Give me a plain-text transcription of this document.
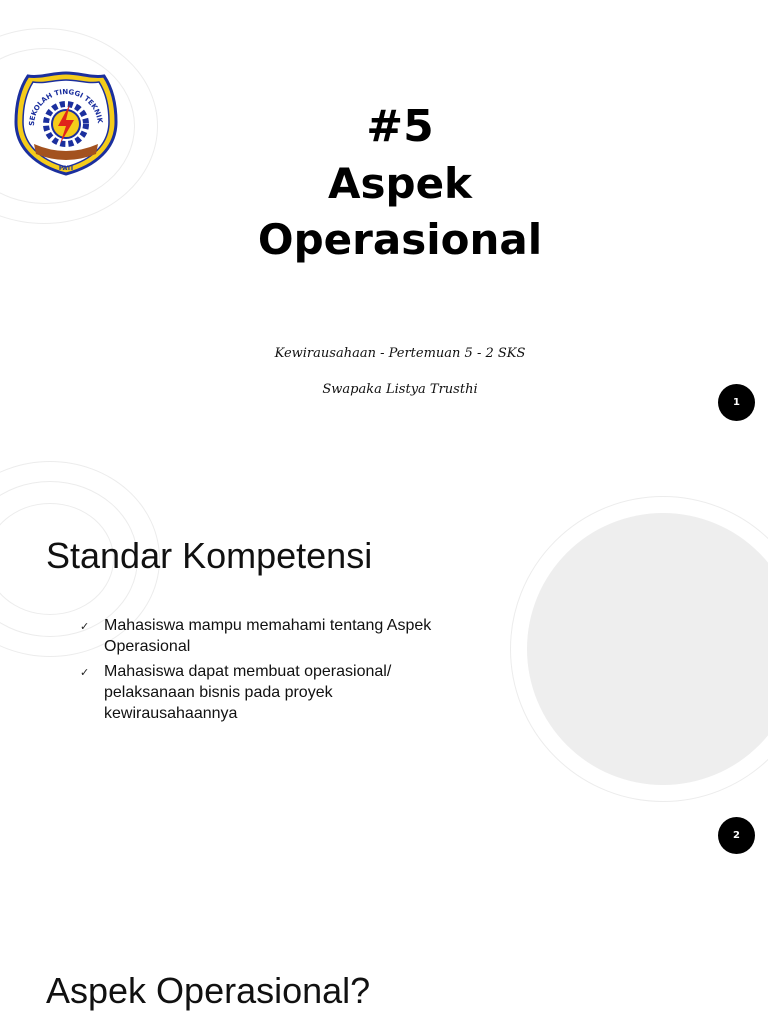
SEKOLAH TINGGI TEKNIK
PATI
#5
Aspek
Operasional
Kewirausahaan - Pertemuan 5 - 2 SKS
Swapaka Listya Trusthi
1
Standar Kompetensi
✓ Mahasiswa mampu memahami tentang Aspek Operasional
✓ Mahasiswa dapat membuat operasional/ pelaksanaan bisnis pada proyek kewirausahaannya
2
Aspek Operasional?
